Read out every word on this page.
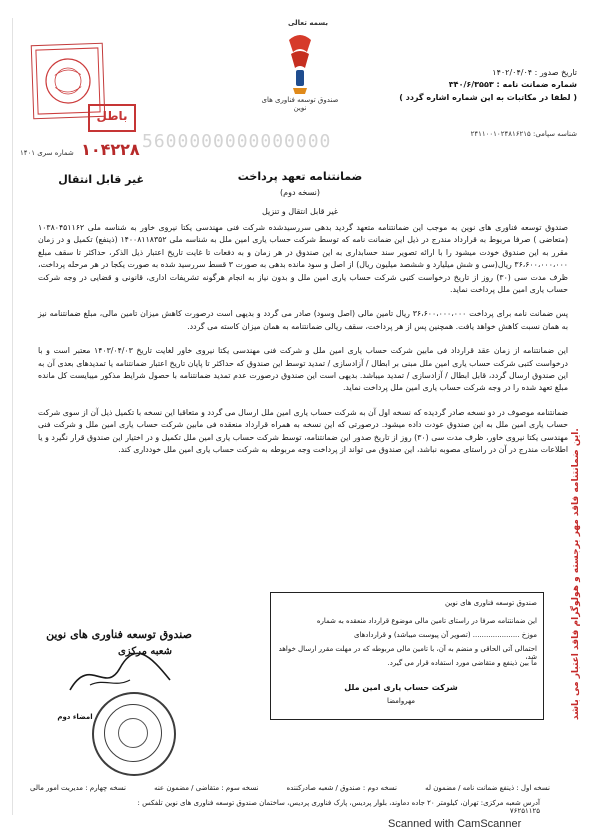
بسمه تعالی
صندوق توسعه فناوری های نوین
باطل
5600000000000000
شماره سری ۱۴۰۱ ۱۰۴۲۲۸
تاریخ صدور : ۱۴۰۲/۰۴/۰۴
شماره ضمانت نامه : ۳۴۰/۶/۳۵۵۳
( لطفا در مکاتبات به این شماره اشاره گردد )
شناسه سپامی: ۲۴۱۱۰۰۱۰۲۴۸۱۶۲۱۵
غیر قابل انتقال	ضمانتنامه تعهد پرداخت
(نسخه دوم)
غیر قابل انتقال و تنزیل

صندوق توسعه فناوری های نوین به موجب این ضمانتنامه متعهد گردید بدهی سررسیدشده شرکت فنی مهندسی یکتا نیروی خاور به شناسه ملی ۱۰۳۸۰۴۵۱۱۶۲ (متعاضی ) صرفا مربوط به قرارداد مندرج در ذیل این ضمانت نامه که توسط شرکت حساب یاری امین ملل به شناسه ملی ۱۴۰۰۸۱۱۸۳۵۲ (ذینفع) تکمیل و در زمان مقرر به این صندوق خودت میشود را با ارائه تصویر سند حسابداری به این صندوق در هر زمان و به دفعات تا غایت تاریخ اعتبار ذیل الذکر، حداکثر تا سقف مبلغ ۳۶،۶۰۰،۰۰۰،۰۰۰ ریال(سی و شش میلیارد و ششصد میلیون ریال) از اصل و سود مانده بدهی به صورت ۳ قسط سررسید شده به صورت یکجا در هر مرحله پرداخت، ظرف مدت سی (۳۰) روز از تاریخ درخواست کتبی شرکت حساب یاری امین ملل و بدون نیاز به انجام هرگونه تشریفات اداری، قانونی و قضایی در وجه شرکت حساب یاری امین ملل پرداخت نماید.

پس ضمانت نامه برای پرداخت ۳۶،۶۰۰،۰۰۰،۰۰۰ ریال تامین مالی (اصل وسود) صادر می گردد و بدیهی است درصورت کاهش میزان تامین مالی، مبلغ ضمانتنامه نیز به همان نسبت کاهش خواهد یافت. همچنین پس از هر پرداخت، سقف ریالی ضمانتنامه به همان میزان کاسته می گردد.

این ضمانتنامه از زمان عقد قرارداد فی مابین شرکت حساب یاری امین ملل و شرکت فنی مهندسی یکتا نیروی خاور لغایت تاریخ ۱۴۰۳/۰۴/۰۳ معتبر است و با درخواست کتبی شرکت حساب یاری امین ملل مبنی بر ابطال / آزادسازی / تمدید توسط این صندوق که حداکثر تا پایان تاریخ اعتبار ضمانتنامه یا تمدیدهای بعدی آن به این صندوق ارسال گردد، قابل ابطال / آزادسازی / تمدید میباشد. بدیهی است این صندوق درصورت عدم تمدید ضمانتنامه با حصول شرایط مذکور میبایست کل مانده مبلغ تعهد شده را در وجه شرکت حساب یاری امین ملل پرداخت نماید.

ضمانتنامه موصوف در دو نسخه صادر گردیده که نسخه اول آن به شرکت حساب یاری امین ملل ارسال می گردد و متعاقبا این نسخه با تکمیل ذیل آن از سوی شرکت حساب یاری امین ملل به این صندوق عودت داده میشود. درصورتی که این نسخه به همراه قرارداد منعقده فی مابین شرکت حساب یاری امین ملل و شرکت فنی مهندسی یکتا نیروی خاور، ظرف مدت سی (۳۰) روز از تاریخ صدور این ضمانتنامه، توسط شرکت حساب یاری امین ملل تکمیل و در اختیار این صندوق قرار نگیرد و یا اطلاعات مندرج در آن در راستای مصوبه نباشد، این صندوق می تواند از پرداخت وجه مربوطه به شرکت حساب یاری امین ملل خودداری کند. این ضمانتنامه فاقد مهر برجسته و هولوگرام فاقد اعتبار می باشد.
صندوق توسعه فناوری های نوین
این ضمانتنامه صرفا در راستای تامین مالی موضوع قرارداد منعقده به شماره
موزخ ..................... (تصویر آن پیوست میباشد) و قراردادهای
احتمالی آتی الحاقی و منضم به آن، با تامین مالی مربوطه که در مهلت مقرر ارسال خواهد شد،
ما بین ذینفع و متقاضی مورد استفاده قرار می گیرد.
شرکت حساب یاری امین ملل
مهروامضا
صندوق توسعه فناوری های نوین
شعبه مرکزی
امضاء دوم
نسخه اول : ذینفع ضمانت نامه / مضمون له
نسخه دوم : صندوق / شعبه صادرکننده
نسخه سوم : متقاضی / مضمون عنه
نسخه چهارم : مدیریت امور مالی
آدرس شعبه مرکزی: تهران، کیلومتر ۲۰ جاده دماوند، بلوار پردیس، پارک فناوری پردیس، ساختمان صندوق توسعه فناوری های نوین تلفکس : ۷۶۲۵۱۱۲۵
Scanned with CamScanner
